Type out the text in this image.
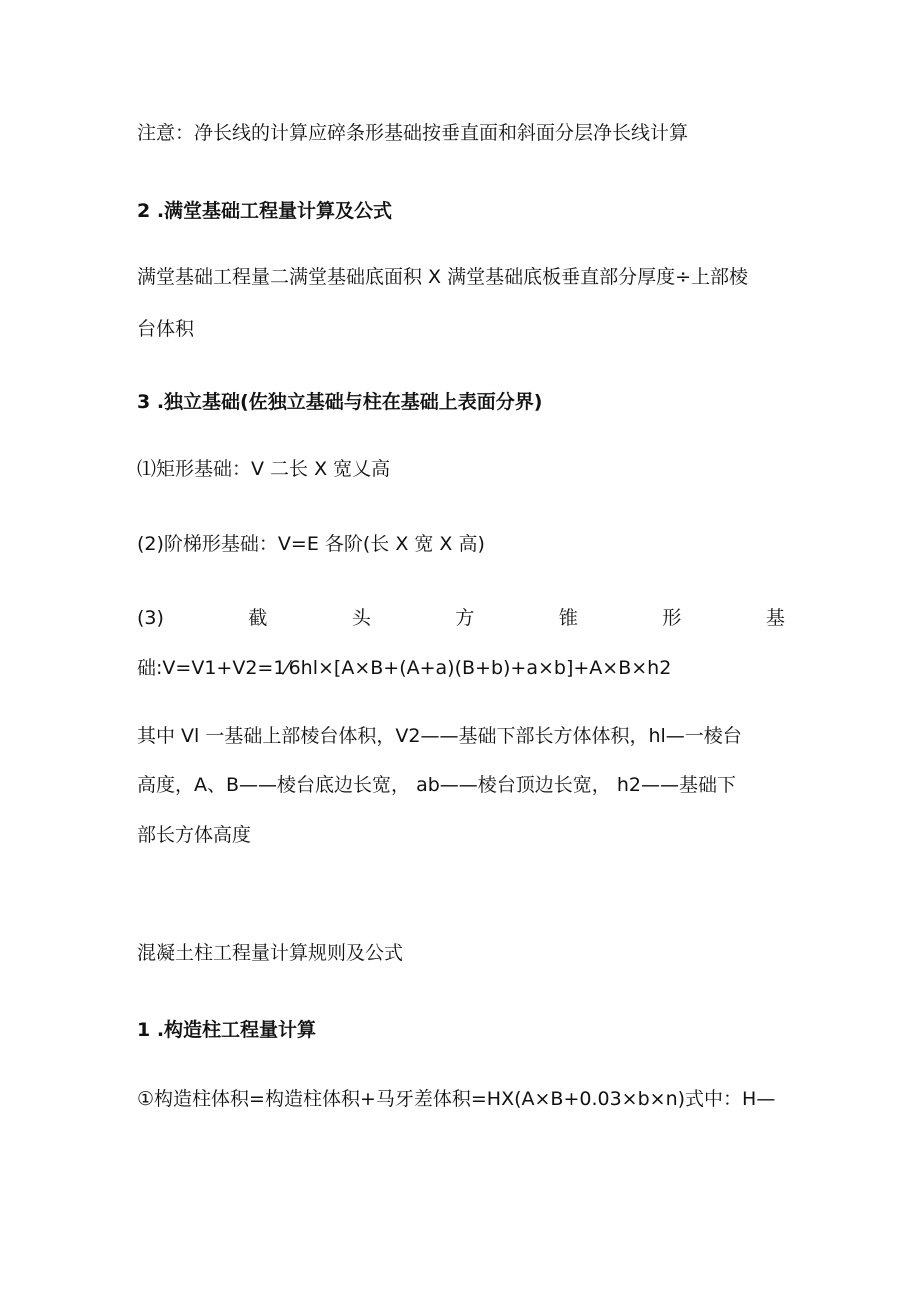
注意：净长线的计算应碎条形基础按垂直面和斜面分层净长线计算
2 .满堂基础工程量计算及公式
满堂基础工程量二满堂基础底面积 X 满堂基础底板垂直部分厚度÷上部棱
台体积
3 .独立基础(佐独立基础与柱在基础上表面分界)
⑴矩形基础：V 二长 X 宽乂高
(2)阶梯形基础：V=E 各阶(长 X 宽 X 高)
(3)	截	头	方	锥	形	基
础:V=V1+V2=1⁄6hl×[A×B+(A+a)(B+b)+a×b]+A×B×h2
其中 Vl 一基础上部棱台体积，V2——基础下部长方体体积，hl—一棱台
高度，A、B——棱台底边长宽， ab——棱台顶边长宽， h2——基础下
部长方体高度
混凝土柱工程量计算规则及公式
1 .构造柱工程量计算
①构造柱体积=构造柱体积+马牙差体积=HX(A×B+0.03×b×n)式中：H—
